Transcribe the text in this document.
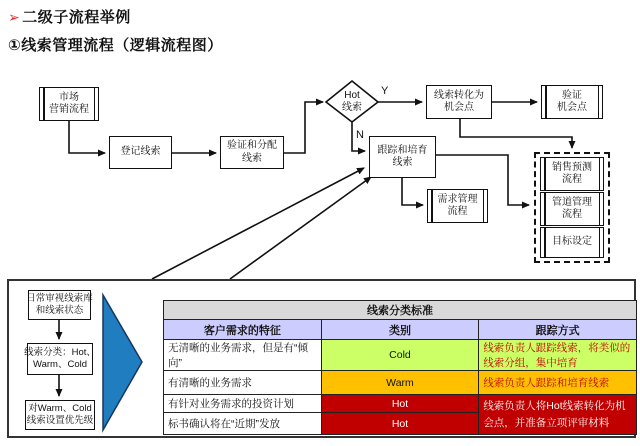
➢ 二级子流程举例
①线索管理流程（逻辑流程图）
市场
营销流程
登记线索
验证和分配
线索
Hot
线索
Y
N
线索转化为
机会点
验证
机会点
跟踪和培育
线索
需求管理
流程
销售预测
流程
管道管理
流程
目标设定
日常审视线索库
和线索状态
线索分类：Hot、
Warm、Cold
对Warm、Cold
线索设置优先级
线索分类标准		
客户需求的特征	类别	跟踪方式
无清晰的业务需求，但是有“倾向”	Cold	线索负责人跟踪线索，将类似的线索分组，集中培育
有清晰的业务需求	Warm	线索负责人跟踪和培育线索
有针对业务需求的投资计划	Hot	线索负责人将Hot线索转化为机会点，并准备立项评审材料
标书确认将在“近期”发放	Hot	
